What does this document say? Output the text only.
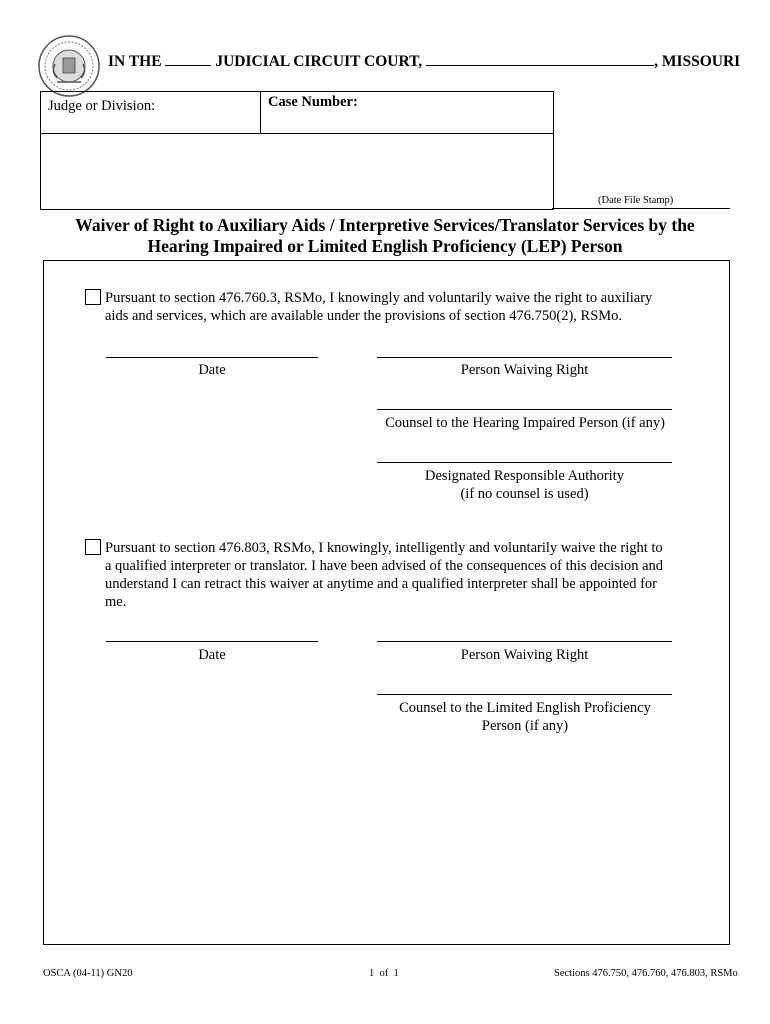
IN THE	JUDICIAL CIRCUIT COURT,	, MISSOURI
Judge or Division:	Case Number:
(Date File Stamp)
Waiver of Right to Auxiliary Aids / Interpretive Services/Translator Services by the
Hearing Impaired or Limited English Proficiency (LEP) Person
Pursuant to section 476.760.3, RSMo, I knowingly and voluntarily waive the right to auxiliary
aids and services, which are available under the provisions of section 476.750(2), RSMo.
Date	Person Waiving Right
Counsel to the Hearing Impaired Person (if any)
Designated Responsible Authority
(if no counsel is used)
Pursuant to section 476.803, RSMo, I knowingly, intelligently and voluntarily waive the right to
a qualified interpreter or translator. I have been advised of the consequences of this decision and
understand I can retract this waiver at anytime and a qualified interpreter shall be appointed for
me.
Date	Person Waiving Right
Counsel to the Limited English Proficiency
Person (if any)
OSCA (04-11) GN20	1  of  1	Sections 476.750, 476.760, 476.803, RSMo
